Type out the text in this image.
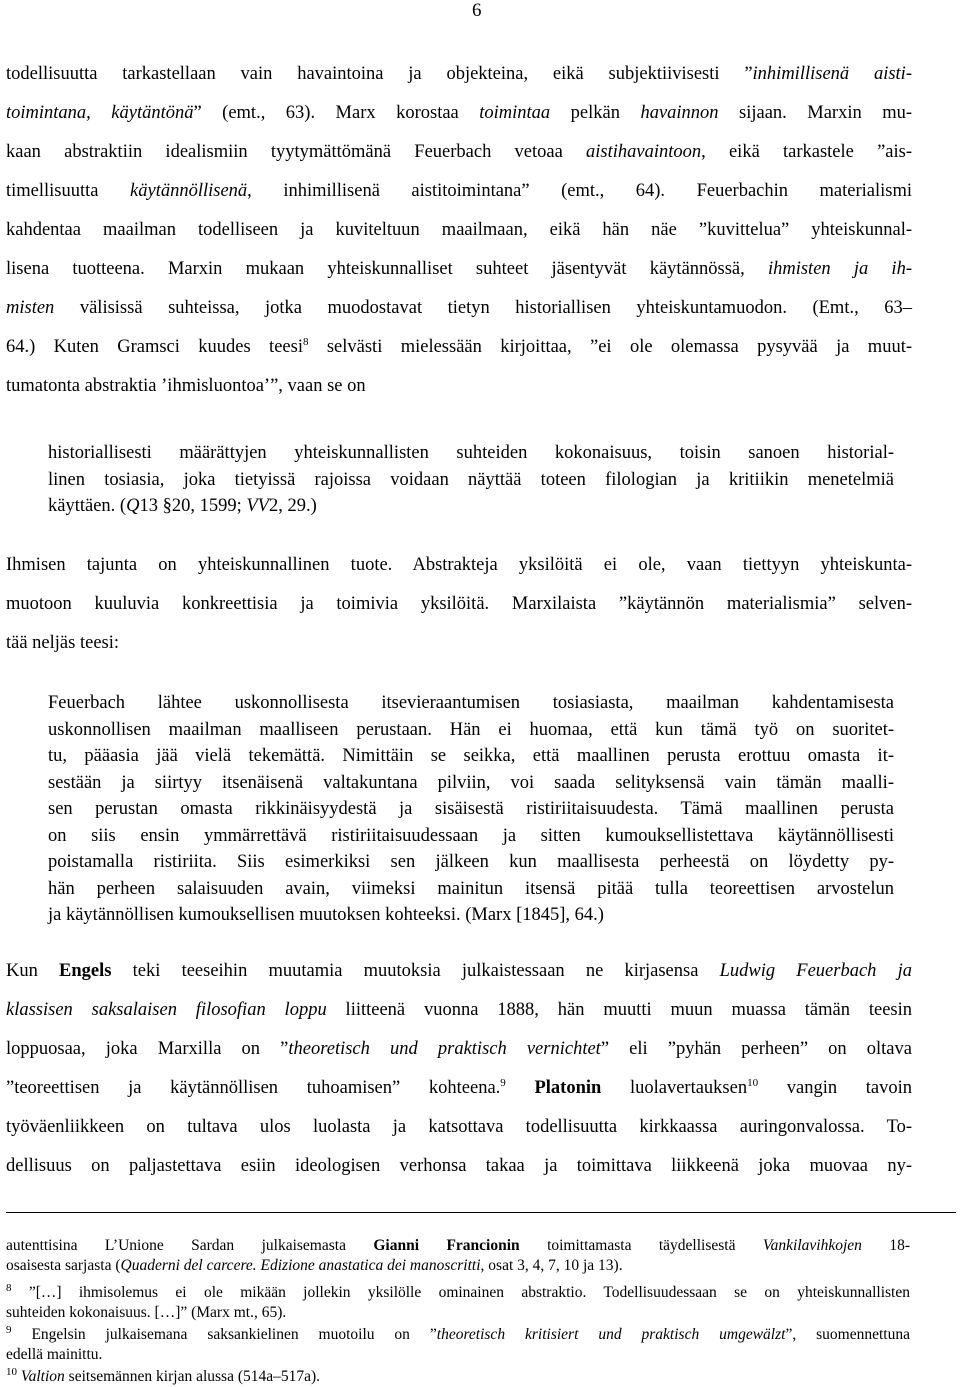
6
todellisuutta tarkastellaan vain havaintoina ja objekteina, eikä subjektiivisesti ”inhimillisenä aisti-
toimintana, käytäntönä” (emt., 63). Marx korostaa toimintaa pelkän havainnon sijaan. Marxin mu-
kaan abstraktiin idealismiin tyytymättömänä Feuerbach vetoaa aistihavaintoon, eikä tarkastele ”ais-
timellisuutta käytännöllisenä, inhimillisenä aistitoimintana” (emt., 64). Feuerbachin materialismi
kahdentaa maailman todelliseen ja kuviteltuun maailmaan, eikä hän näe ”kuvittelua” yhteiskunnal-
lisena tuotteena. Marxin mukaan yhteiskunnalliset suhteet jäsentyvät käytännössä, ihmisten ja ih-
misten välisissä suhteissa, jotka muodostavat tietyn historiallisen yhteiskuntamuodon. (Emt., 63–
64.) Kuten Gramsci kuudes teesi$^8$ selvästi mielessään kirjoittaa, ”ei ole olemassa pysyvää ja muut-
tumatonta abstraktia ’ihmisluontoa’”, vaan se on
historiallisesti määrättyjen yhteiskunnallisten suhteiden kokonaisuus, toisin sanoen historial-
linen tosiasia, joka tietyissä rajoissa voidaan näyttää toteen filologian ja kritiikin menetelmiä
käyttäen. (Q13 §20, 1599; VV2, 29.)
Ihmisen tajunta on yhteiskunnallinen tuote. Abstrakteja yksilöitä ei ole, vaan tiettyyn yhteiskunta-
muotoon kuuluvia konkreettisia ja toimivia yksilöitä. Marxilaista ”käytännön materialismia” selven-
tää neljäs teesi:
Feuerbach lähtee uskonnollisesta itsevieraantumisen tosiasiasta, maailman kahdentamisesta
uskonnollisen maailman maalliseen perustaan. Hän ei huomaa, että kun tämä työ on suoritet-
tu, pääasia jää vielä tekemättä. Nimittäin se seikka, että maallinen perusta erottuu omasta it-
sestään ja siirtyy itsenäisenä valtakuntana pilviin, voi saada selityksensä vain tämän maalli-
sen perustan omasta rikkinäisyydestä ja sisäisestä ristiriitaisuudesta. Tämä maallinen perusta
on siis ensin ymmärrettävä ristiriitaisuudessaan ja sitten kumouksellistettava käytännöllisesti
poistamalla ristiriita. Siis esimerkiksi sen jälkeen kun maallisesta perheestä on löydetty py-
hän perheen salaisuuden avain, viimeksi mainitun itsensä pitää tulla teoreettisen arvostelun
ja käytännöllisen kumouksellisen muutoksen kohteeksi. (Marx [1845], 64.)
Kun Engels teki teeseihin muutamia muutoksia julkaistessaan ne kirjasensa Ludwig Feuerbach ja
klassisen saksalaisen filosofian loppu liitteenä vuonna 1888, hän muutti muun muassa tämän teesin
loppuosaa, joka Marxilla on ”theoretisch und praktisch vernichtet” eli ”pyhän perheen” on oltava
”teoreettisen ja käytännöllisen tuhoamisen” kohteena.$^9$ Platonin luolavertauksen$^{10}$ vangin tavoin
työväenliikkeen on tultava ulos luolasta ja katsottava todellisuutta kirkkaassa auringonvalossa. To-
dellisuus on paljastettava esiin ideologisen verhonsa takaa ja toimittava liikkeenä joka muovaa ny-
autenttisina L’Unione Sardan julkaisemasta Gianni Francionin toimittamasta täydellisestä Vankilavihkojen 18-
osaisesta sarjasta (Quaderni del carcere. Edizione anastatica dei manoscritti, osat 3, 4, 7, 10 ja 13).
$^8$ ”[…] ihmisolemus ei ole mikään jollekin yksilölle ominainen abstraktio. Todellisuudessaan se on yhteiskunnallisten
suhteiden kokonaisuus. […]” (Marx mt., 65).
$^9$ Engelsin julkaisemana saksankielinen muotoilu on ”theoretisch kritisiert und praktisch umgewälzt”, suomennettuna
edellä mainittu.
$^{10}$ Valtion seitsemännen kirjan alussa (514a–517a).
